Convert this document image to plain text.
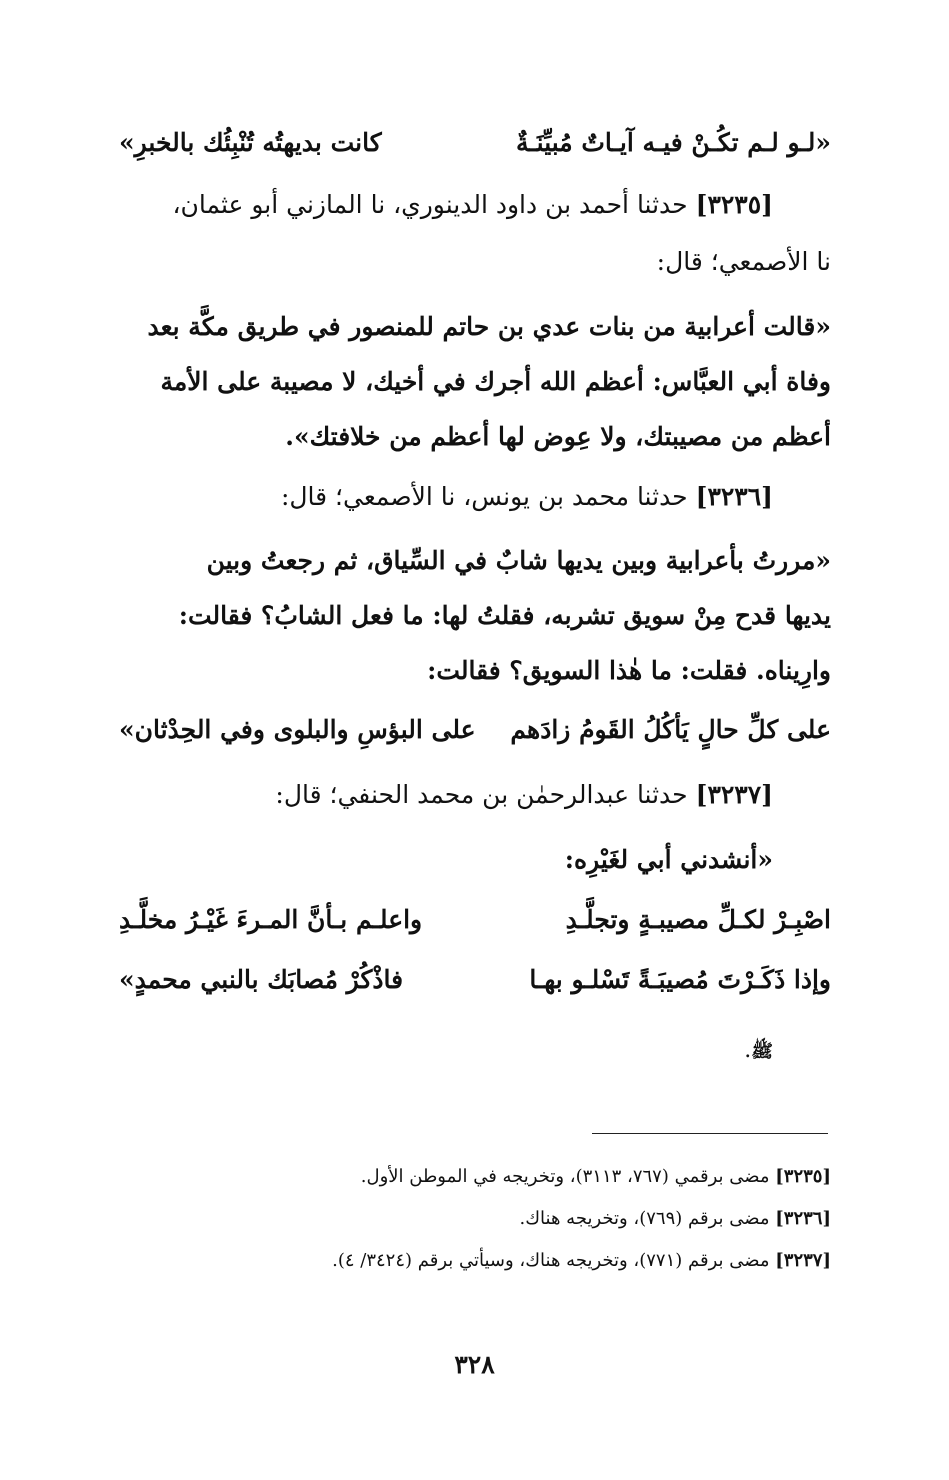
«لـو لـم تكُـنْ فيـه آيـاتٌ مُبيِّنَـةٌ
كانت بديهتُه تُنْبِئُك بالخبرِ»
[٣٢٣٥] حدثنا أحمد بن داود الدينوري، نا المازني أبو عثمان،
نا الأصمعي؛ قال:
«قالت أعرابية من بنات عدي بن حاتم للمنصور في طريق مكَّة بعد
وفاة أبي العبَّاس: أعظم الله أجرك في أخيك، لا مصيبة على الأمة
أعظم من مصيبتك، ولا عِوض لها أعظم من خلافتك».
[٣٢٣٦] حدثنا محمد بن يونس، نا الأصمعي؛ قال:
«مررتُ بأعرابية وبين يديها شابٌ في السِّياق، ثم رجعتُ وبين
يديها قدح مِنْ سويق تشربه، فقلتُ لها: ما فعل الشابُ؟ فقالت:
وارِيناه. فقلت: ما هٰذا السويق؟ فقالت:
على كلِّ حالٍ يَأكُلُ القَومُ زادَهم
على البؤسِ والبلوى وفي الحِدْثان»
[٣٢٣٧] حدثنا عبدالرحمٰن بن محمد الحنفي؛ قال:
«أنشدني أبي لغَيْرِه:
اصْبِـرْ لكـلِّ مصيبـةٍ وتجلَّـدِ
واعلـم بـأنَّ المـرءَ غَيْـرُ مخلَّـدِ
وإذا ذَكَـرْتَ مُصيبَـةً تَسْلـو بهـا
فاذْكُرْ مُصابَك بالنبي محمدٍ»
ﷺ.
[٣٢٣٥] مضى برقمي (٧٦٧، ٣١١٣)، وتخريجه في الموطن الأول.
[٣٢٣٦] مضى برقم (٧٦٩)، وتخريجه هناك.
[٣٢٣٧] مضى برقم (٧٧١)، وتخريجه هناك، وسيأتي برقم (٣٤٢٤/ ٤).
٣٢٨
